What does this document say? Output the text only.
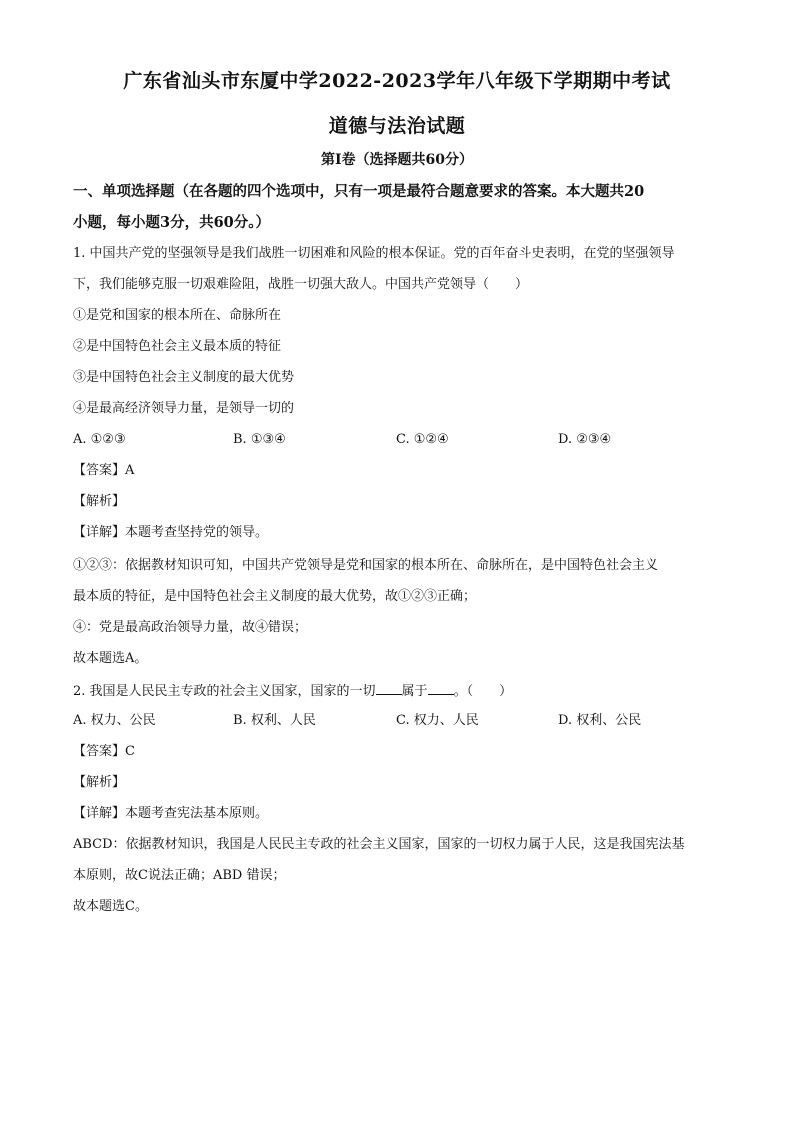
广东省汕头市东厦中学2022-2023学年八年级下学期期中考试
道德与法治试题
第Ⅰ卷（选择题共60分）
一、单项选择题（在各题的四个选项中，只有一项是最符合题意要求的答案。本大题共20
小题，每小题3分，共60分。）
1. 中国共产党的坚强领导是我们战胜一切困难和风险的根本保证。党的百年奋斗史表明，在党的坚强领导
下，我们能够克服一切艰难险阻，战胜一切强大敌人。中国共产党领导（　　）
①是党和国家的根本所在、命脉所在
②是中国特色社会主义最本质的特征
③是中国特色社会主义制度的最大优势
④是最高经济领导力量，是领导一切的
A. ①②③	B. ①③④	C. ①②④	D. ②③④
【答案】A
【解析】
【详解】本题考查坚持党的领导。
①②③：依据教材知识可知，中国共产党领导是党和国家的根本所在、命脉所在，是中国特色社会主义
最本质的特征，是中国特色社会主义制度的最大优势，故①②③正确；
④：党是最高政治领导力量，故④错误；
故本题选A。
2. 我国是人民民主专政的社会主义国家，国家的一切 属于 。（　　）
A. 权力、公民	B. 权利、人民	C. 权力、人民	D. 权利、公民
【答案】C
【解析】
【详解】本题考查宪法基本原则。
ABCD：依据教材知识，我国是人民民主专政的社会主义国家，国家的一切权力属于人民，这是我国宪法基
本原则，故C说法正确；ABD 错误；
故本题选C。
